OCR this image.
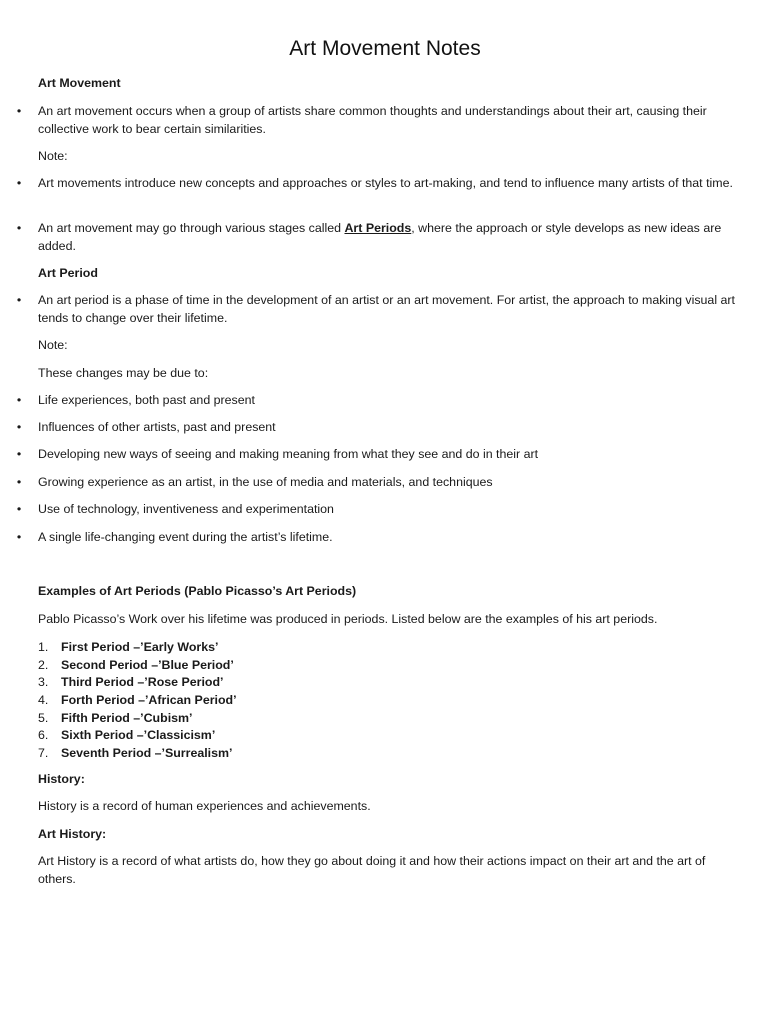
Art Movement Notes
Art Movement
• An art movement occurs when a group of artists share common thoughts and understandings about their art, causing their collective work to bear certain similarities.
Note:
• Art movements introduce new concepts and approaches or styles to art-making, and tend to influence many artists of that time.
• An art movement may go through various stages called Art Periods, where the approach or style develops as new ideas are added.
Art Period
• An art period is a phase of time in the development of an artist or an art movement. For artist, the approach to making visual art tends to change over their lifetime.
Note:
These changes may be due to:
• Life experiences, both past and present
• Influences of other artists, past and present
• Developing new ways of seeing and making meaning from what they see and do in their art
• Growing experience as an artist, in the use of media and materials, and techniques
• Use of technology, inventiveness and experimentation
• A single life-changing event during the artist’s lifetime.
Examples of Art Periods (Pablo Picasso’s Art Periods)
Pablo Picasso’s Work over his lifetime was produced in periods. Listed below are the examples of his art periods.
1. First Period –’Early Works’
2. Second Period –’Blue Period’
3. Third Period –’Rose Period’
4. Forth Period –’African Period’
5. Fifth Period –’Cubism’
6. Sixth Period –’Classicism’
7. Seventh Period –’Surrealism’
History:
History is a record of human experiences and achievements.
Art History:
Art History is a record of what artists do, how they go about doing it and how their actions impact on their art and the art of others.
